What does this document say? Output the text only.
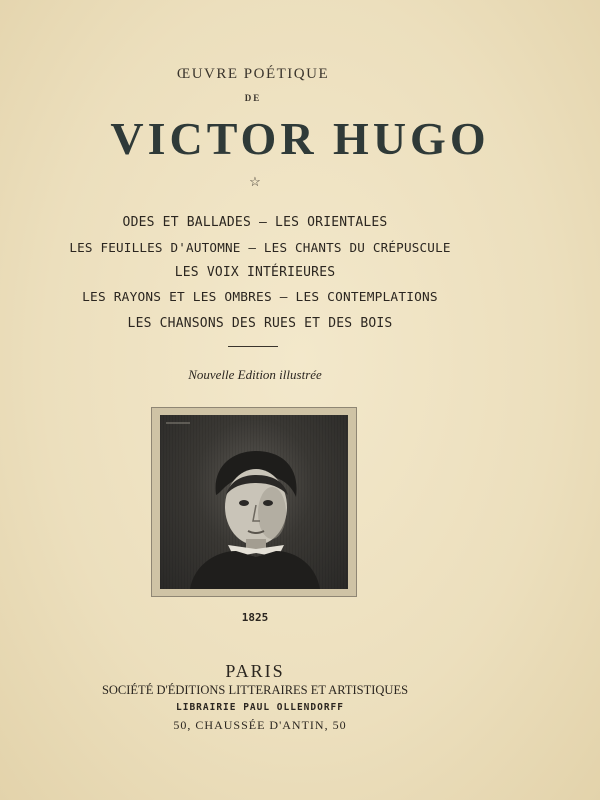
ŒUVRE POÉTIQUE
DE
VICTOR HUGO
☆
ODES ET BALLADES — LES ORIENTALES
LES FEUILLES D'AUTOMNE — LES CHANTS DU CRÉPUSCULE
LES VOIX INTÉRIEURES
LES RAYONS ET LES OMBRES — LES CONTEMPLATIONS
LES CHANSONS DES RUES ET DES BOIS
Nouvelle Edition illustrée
1825
PARIS
SOCIÉTÉ D'ÉDITIONS LITTERAIRES ET ARTISTIQUES
LIBRAIRIE PAUL OLLENDORFF
50, CHAUSSÉE D'ANTIN, 50
